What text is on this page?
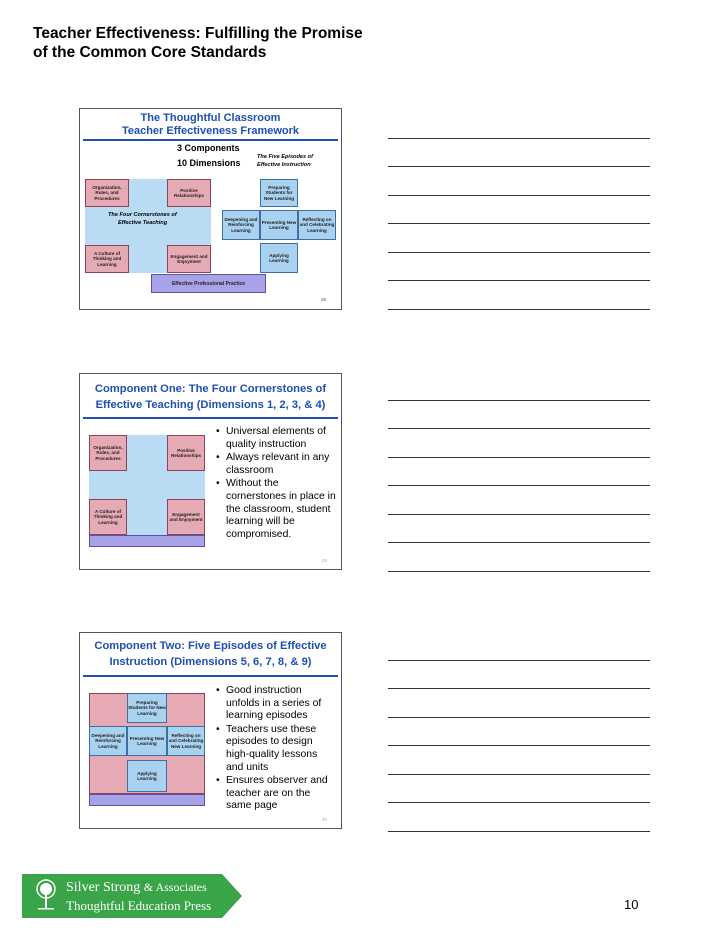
Teacher Effectiveness: Fulfilling the Promise of the Common Core Standards
The Thoughtful Classroom
Teacher Effectiveness Framework
3 Components
10 Dimensions
The Five Episodes of
Effective Instruction
Organization, Rules, and Procedures
Positive Relationships
A Culture of Thinking and Learning
Engagement and Enjoyment
The Four Cornerstones of
Effective Teaching
Preparing Students for New Learning
Deepening and Reinforcing Learning
Presenting New Learning
Reflecting on and Celebrating Learning
Applying Learning
Effective Professional Practice
28
Component One: The Four Cornerstones of
Effective Teaching (Dimensions 1, 2, 3, & 4)
Organization, Rules, and Procedures
Positive Relationships
A Culture of Thinking and Learning
Engagement and Enjoyment
• Universal elements of quality instruction
• Always relevant in any classroom
• Without the cornerstones in place in the classroom, student learning will be compromised.
29
Component Two: Five Episodes of Effective
Instruction (Dimensions 5, 6, 7, 8, & 9)
Preparing Students for New Learning
Deepening and Reinforcing Learning
Presenting New Learning
Reflecting on and Celebrating New Learning
Applying Learning
• Good instruction unfolds in a series of learning episodes
• Teachers use these episodes to design high-quality lessons and units
• Ensures observer and teacher are on the same page
30
Silver Strong & Associates
Thoughtful Education Press	10
